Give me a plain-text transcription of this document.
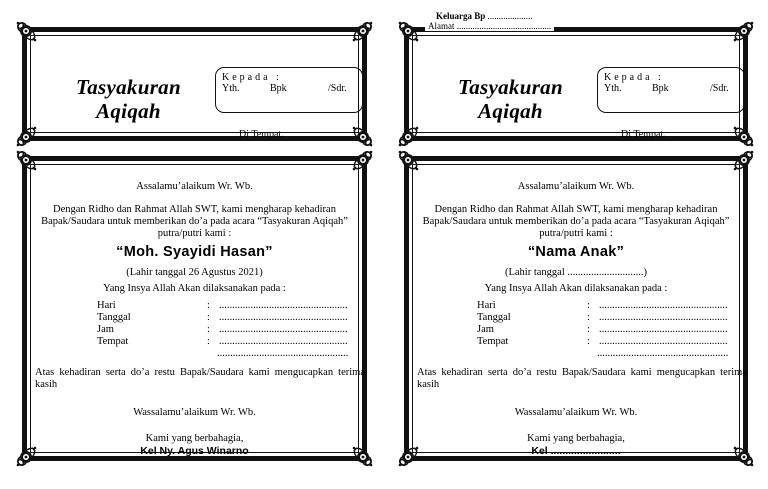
Tasyakuran
Aqiqah
Kepada :
Yth.	Bpk	/Sdr.
Di Tempat.
Keluarga Bp ....................
Alamat ..........................................
Tasyakuran
Aqiqah
Kepada :
Yth.	Bpk	/Sdr.
Di Tempat.
Assalamu’alaikum Wr. Wb.
Dengan Ridho dan Rahmat Allah SWT, kami mengharap kehadiran
Bapak/Saudara untuk memberikan do’a pada acara “Tasyakuran Aqiqah”
putra/putri kami :
“Moh. Syayidi Hasan”
(Lahir tanggal 26 Agustus 2021)
Yang Insya Allah Akan dilaksanakan pada :
Hari	: .................................................
Tanggal	: .................................................
Jam	: .................................................
Tempat	: .................................................
..................................................
Atas kehadiran serta do’a restu Bapak/Saudara kami mengucapkan terima kasih
Wassalamu’alaikum Wr. Wb.
Kami yang berbahagia,
Kel Ny. Agus Winarno
Assalamu’alaikum Wr. Wb.
Dengan Ridho dan Rahmat Allah SWT, kami mengharap kehadiran
Bapak/Saudara untuk memberikan do’a pada acara “Tasyakuran Aqiqah”
putra/putri kami :
“Nama Anak”
(Lahir tanggal .............................)
Yang Insya Allah Akan dilaksanakan pada :
Hari	: .................................................
Tanggal	: .................................................
Jam	: .................................................
Tempat	: .................................................
..................................................
Atas kehadiran serta do’a restu Bapak/Saudara kami mengucapkan terima kasih
Wassalamu’alaikum Wr. Wb.
Kami yang berbahagia,
Kel ........................
